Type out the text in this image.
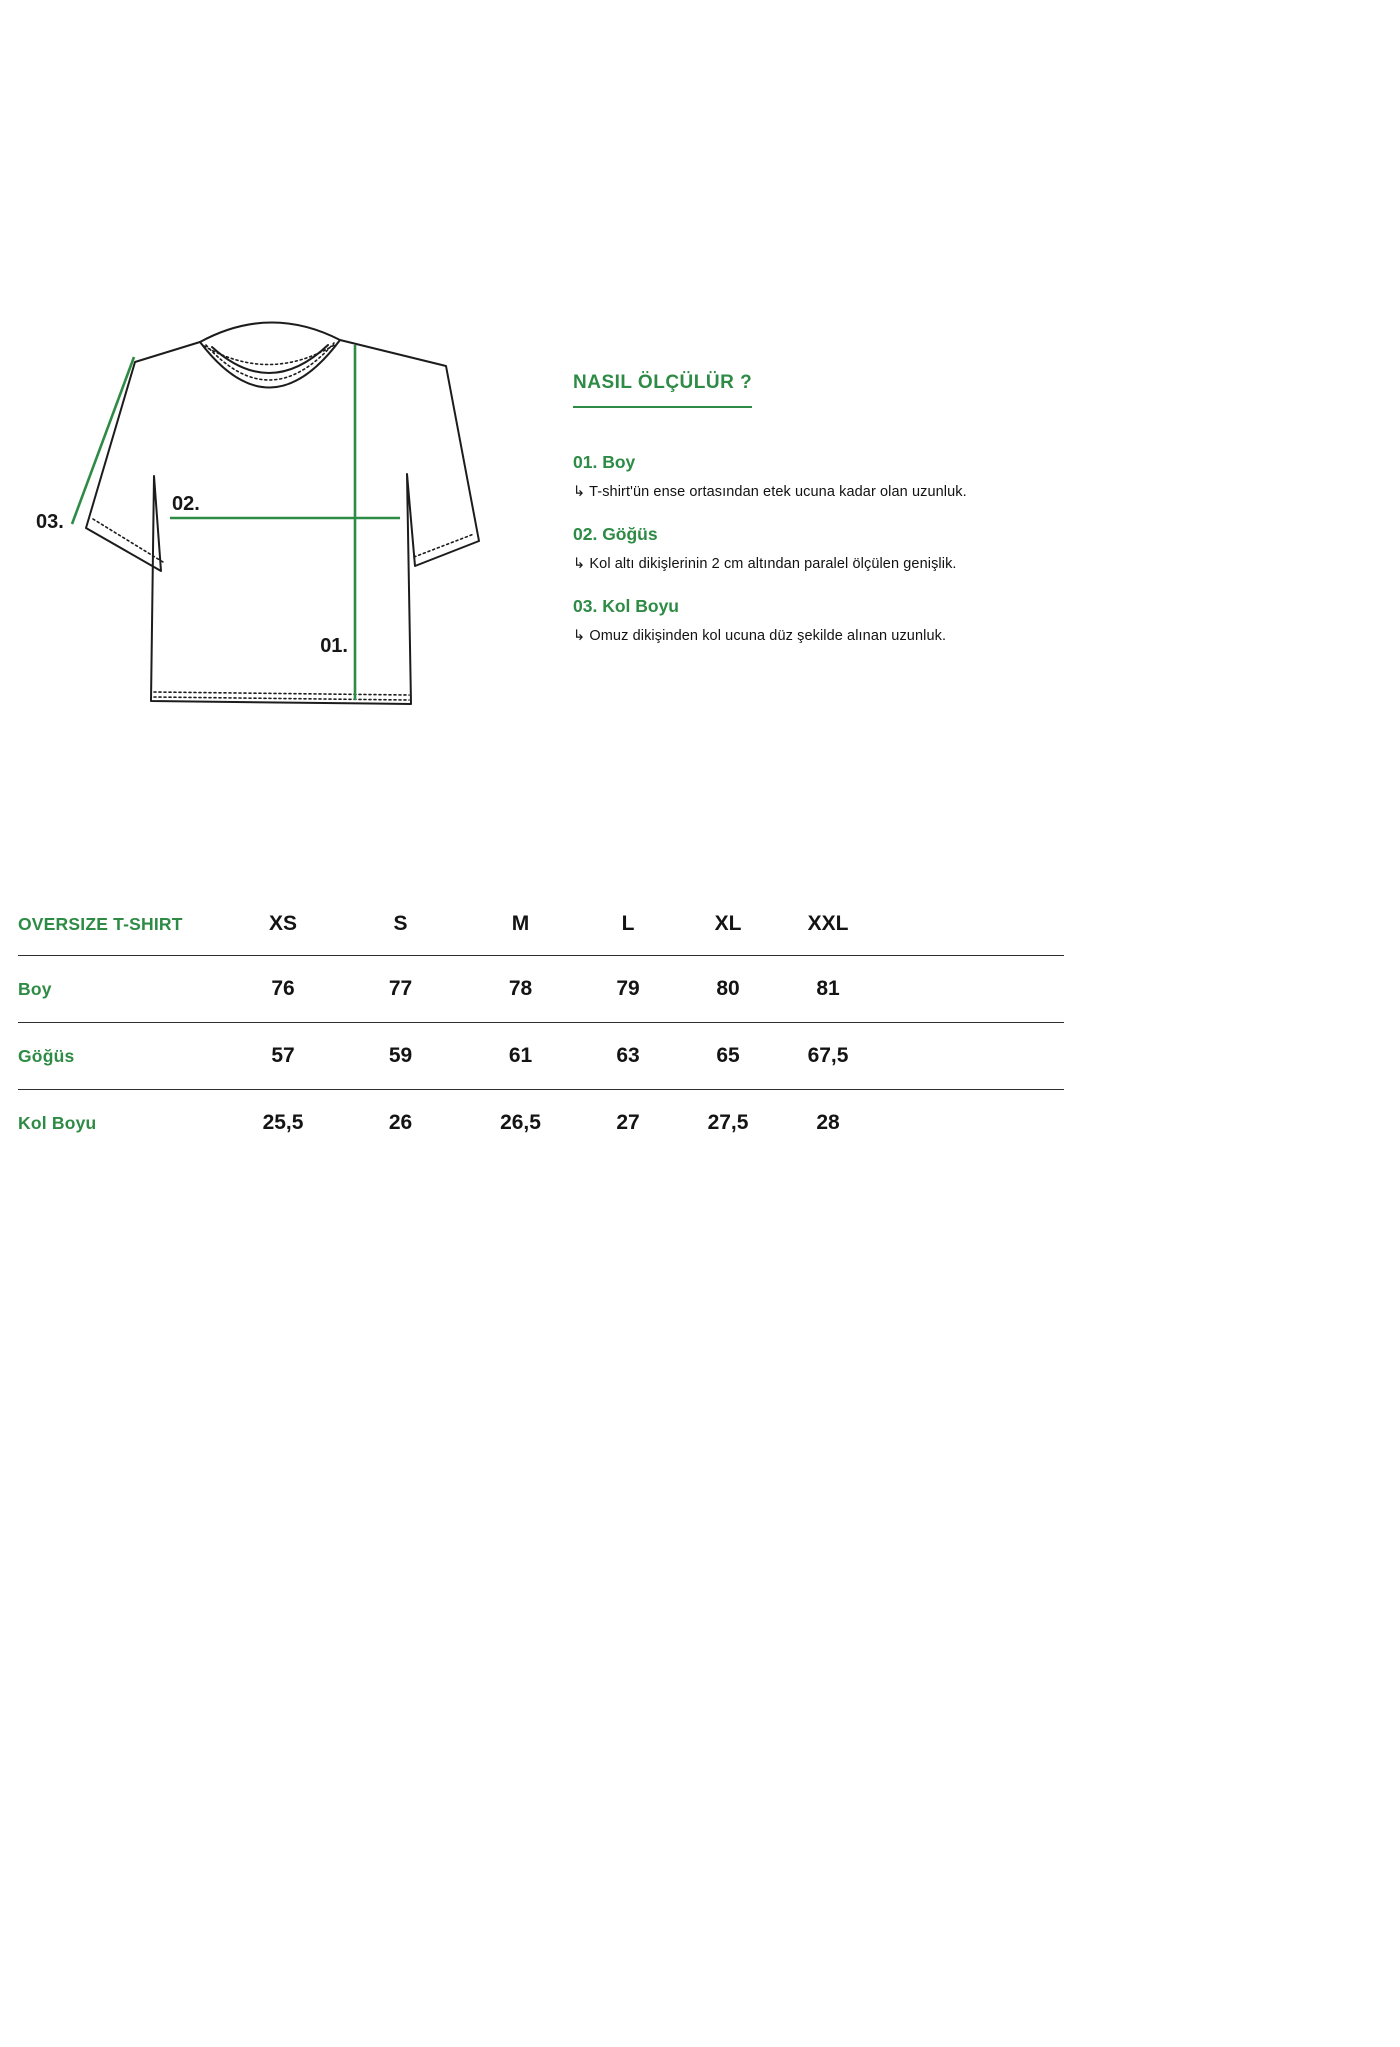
01.
02.
03.
NASIL ÖLÇÜLÜR ?
01. Boy
↳ T-shirt'ün ense ortasından etek ucuna kadar olan uzunluk.
02. Göğüs
↳ Kol altı dikişlerinin 2 cm altından paralel ölçülen genişlik.
03. Kol Boyu
↳ Omuz dikişinden kol ucuna düz şekilde alınan uzunluk.
OVERSIZE T-SHIRT	XS	S	M	L	XL	XXL
Boy	76	77	78	79	80	81
Göğüs	57	59	61	63	65	67,5
Kol Boyu	25,5	26	26,5	27	27,5	28
